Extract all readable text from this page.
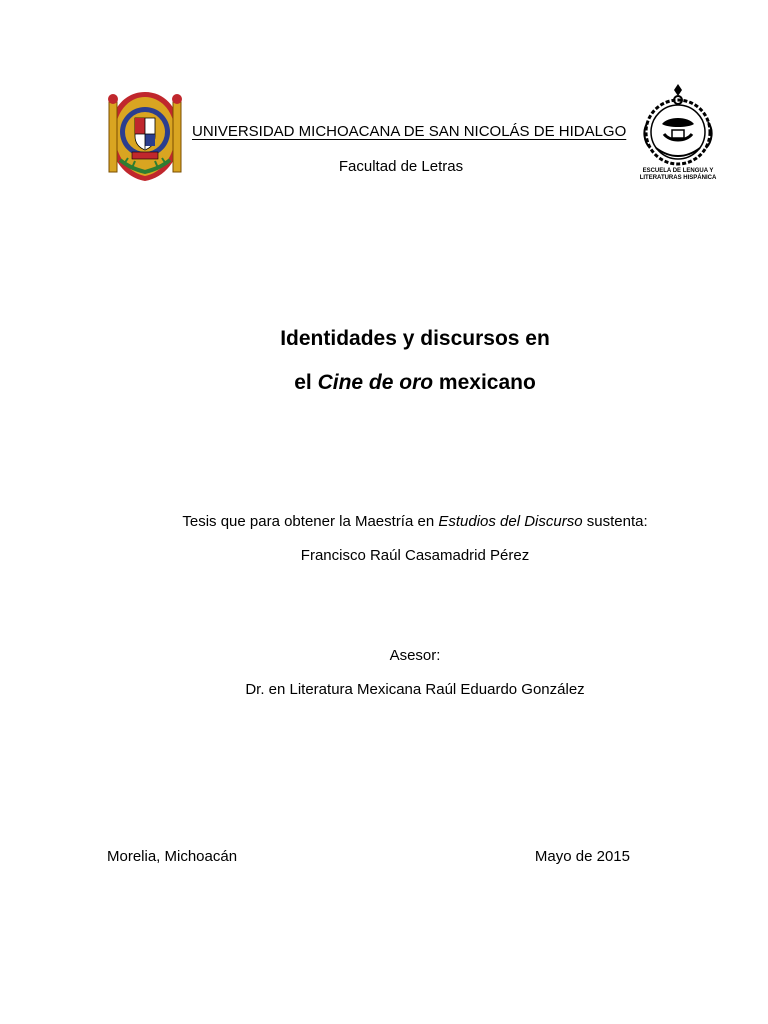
UNIVERSIDAD MICHOACANA DE SAN NICOLÁS DE HIDALGO
Facultad de Letras	ESCUELA DE LENGUA Y
LITERATURAS HISPÁNICA
Identidades y discursos en
el Cine de oro mexicano
Tesis que para obtener la Maestría en Estudios del Discurso sustenta:
Francisco Raúl Casamadrid Pérez
Asesor:
Dr. en Literatura Mexicana Raúl Eduardo González
Morelia, Michoacán	Mayo de 2015
